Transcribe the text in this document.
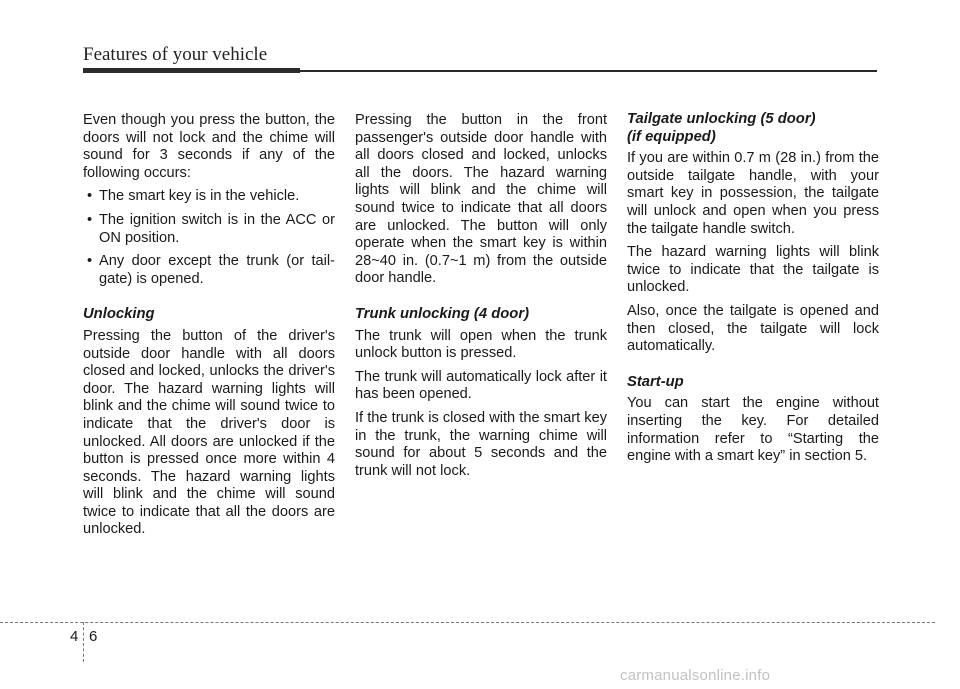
Features of your vehicle

Even though you press the button, the doors will not lock and the chime will sound for 3 seconds if any of the following occurs:

• The smart key is in the vehicle.
• The ignition switch is in the ACC or ON position.
• Any door except the trunk (or tail-gate) is opened.
Unlocking

Pressing the button of the driver's outside door handle with all doors closed and locked, unlocks the driver's door. The hazard warning lights will blink and the chime will sound twice to indicate that the driver's door is unlocked. All doors are unlocked if the button is pressed once more within 4 seconds. The hazard warning lights will blink and the chime will sound twice to indicate that all the doors are unlocked.

Pressing the button in the front passenger's outside door handle with all doors closed and locked, unlocks all the doors. The hazard warning lights will blink and the chime will sound twice to indicate that all doors are unlocked. The button will only operate when the smart key is within 28~40 in. (0.7~1 m) from the outside door handle.

Trunk unlocking (4 door)

The trunk will open when the trunk unlock button is pressed.

The trunk will automatically lock after it has been opened.

If the trunk is closed with the smart key in the trunk, the warning chime will sound for about 5 seconds and the trunk will not lock.

Tailgate unlocking (5 door)
(if equipped)

If you are within 0.7 m (28 in.) from the outside tailgate handle, with your smart key in possession, the tailgate will unlock and open when you press the tailgate handle switch.

The hazard warning lights will blink twice to indicate that the tailgate is unlocked.

Also, once the tailgate is opened and then closed, the tailgate will lock automatically.

Start-up

You can start the engine without inserting the key. For detailed information refer to “Starting the engine with a smart key” in section 5.

4 6
carmanualsonline.info
